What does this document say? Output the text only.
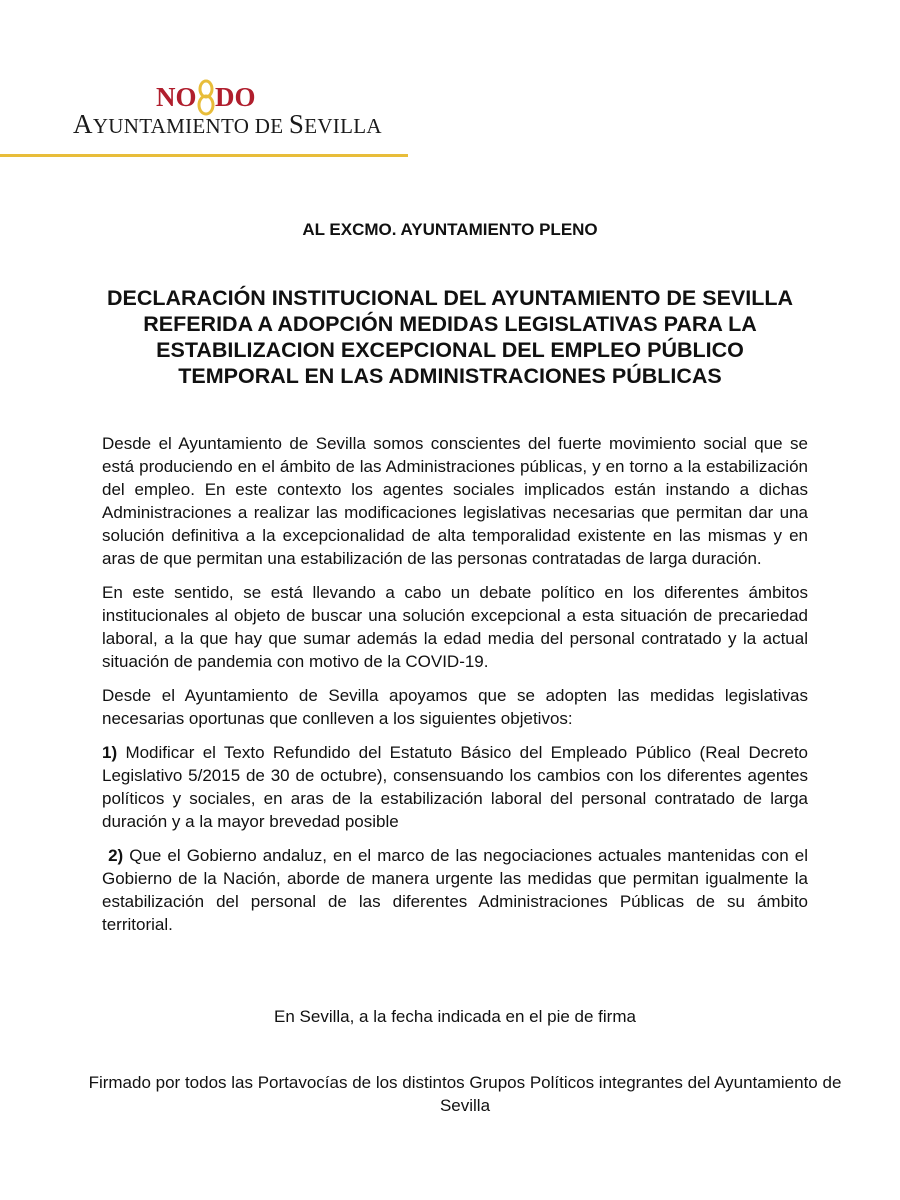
NO DO
AYUNTAMIENTO DE SEVILLA
AL EXCMO. AYUNTAMIENTO PLENO
DECLARACIÓN INSTITUCIONAL DEL AYUNTAMIENTO DE SEVILLA REFERIDA A ADOPCIÓN MEDIDAS LEGISLATIVAS PARA LA ESTABILIZACION EXCEPCIONAL DEL EMPLEO PÚBLICO TEMPORAL EN LAS ADMINISTRACIONES PÚBLICAS

Desde el Ayuntamiento de Sevilla somos conscientes del fuerte movimiento social que se está produciendo en el ámbito de las Administraciones públicas, y en torno a la estabilización del empleo. En este contexto los agentes sociales implicados están instando a dichas Administraciones a realizar las modificaciones legislativas necesarias que permitan dar una solución definitiva a la excepcionalidad de alta temporalidad existente en las mismas y en aras de que permitan una estabilización de las personas contratadas de larga duración.

En este sentido, se está llevando a cabo un debate político en los diferentes ámbitos institucionales al objeto de buscar una solución excepcional a esta situación de precariedad laboral, a la que hay que sumar además la edad media del personal contratado y la actual situación de pandemia con motivo de la COVID-19.

Desde el Ayuntamiento de Sevilla apoyamos que se adopten las medidas legislativas necesarias oportunas que conlleven a los siguientes objetivos:

1) Modificar el Texto Refundido del Estatuto Básico del Empleado Público (Real Decreto Legislativo 5/2015 de 30 de octubre), consensuando los cambios con los diferentes agentes políticos y sociales, en aras de la estabilización laboral del personal contratado de larga duración y a la mayor brevedad posible

2) Que el Gobierno andaluz, en el marco de las negociaciones actuales mantenidas con el Gobierno de la Nación, aborde de manera urgente las medidas que permitan igualmente la estabilización del personal de las diferentes Administraciones Públicas de su ámbito territorial.

En Sevilla, a la fecha indicada en el pie de firma
Firmado por todos las Portavocías de los distintos Grupos Políticos integrantes del Ayuntamiento de Sevilla
